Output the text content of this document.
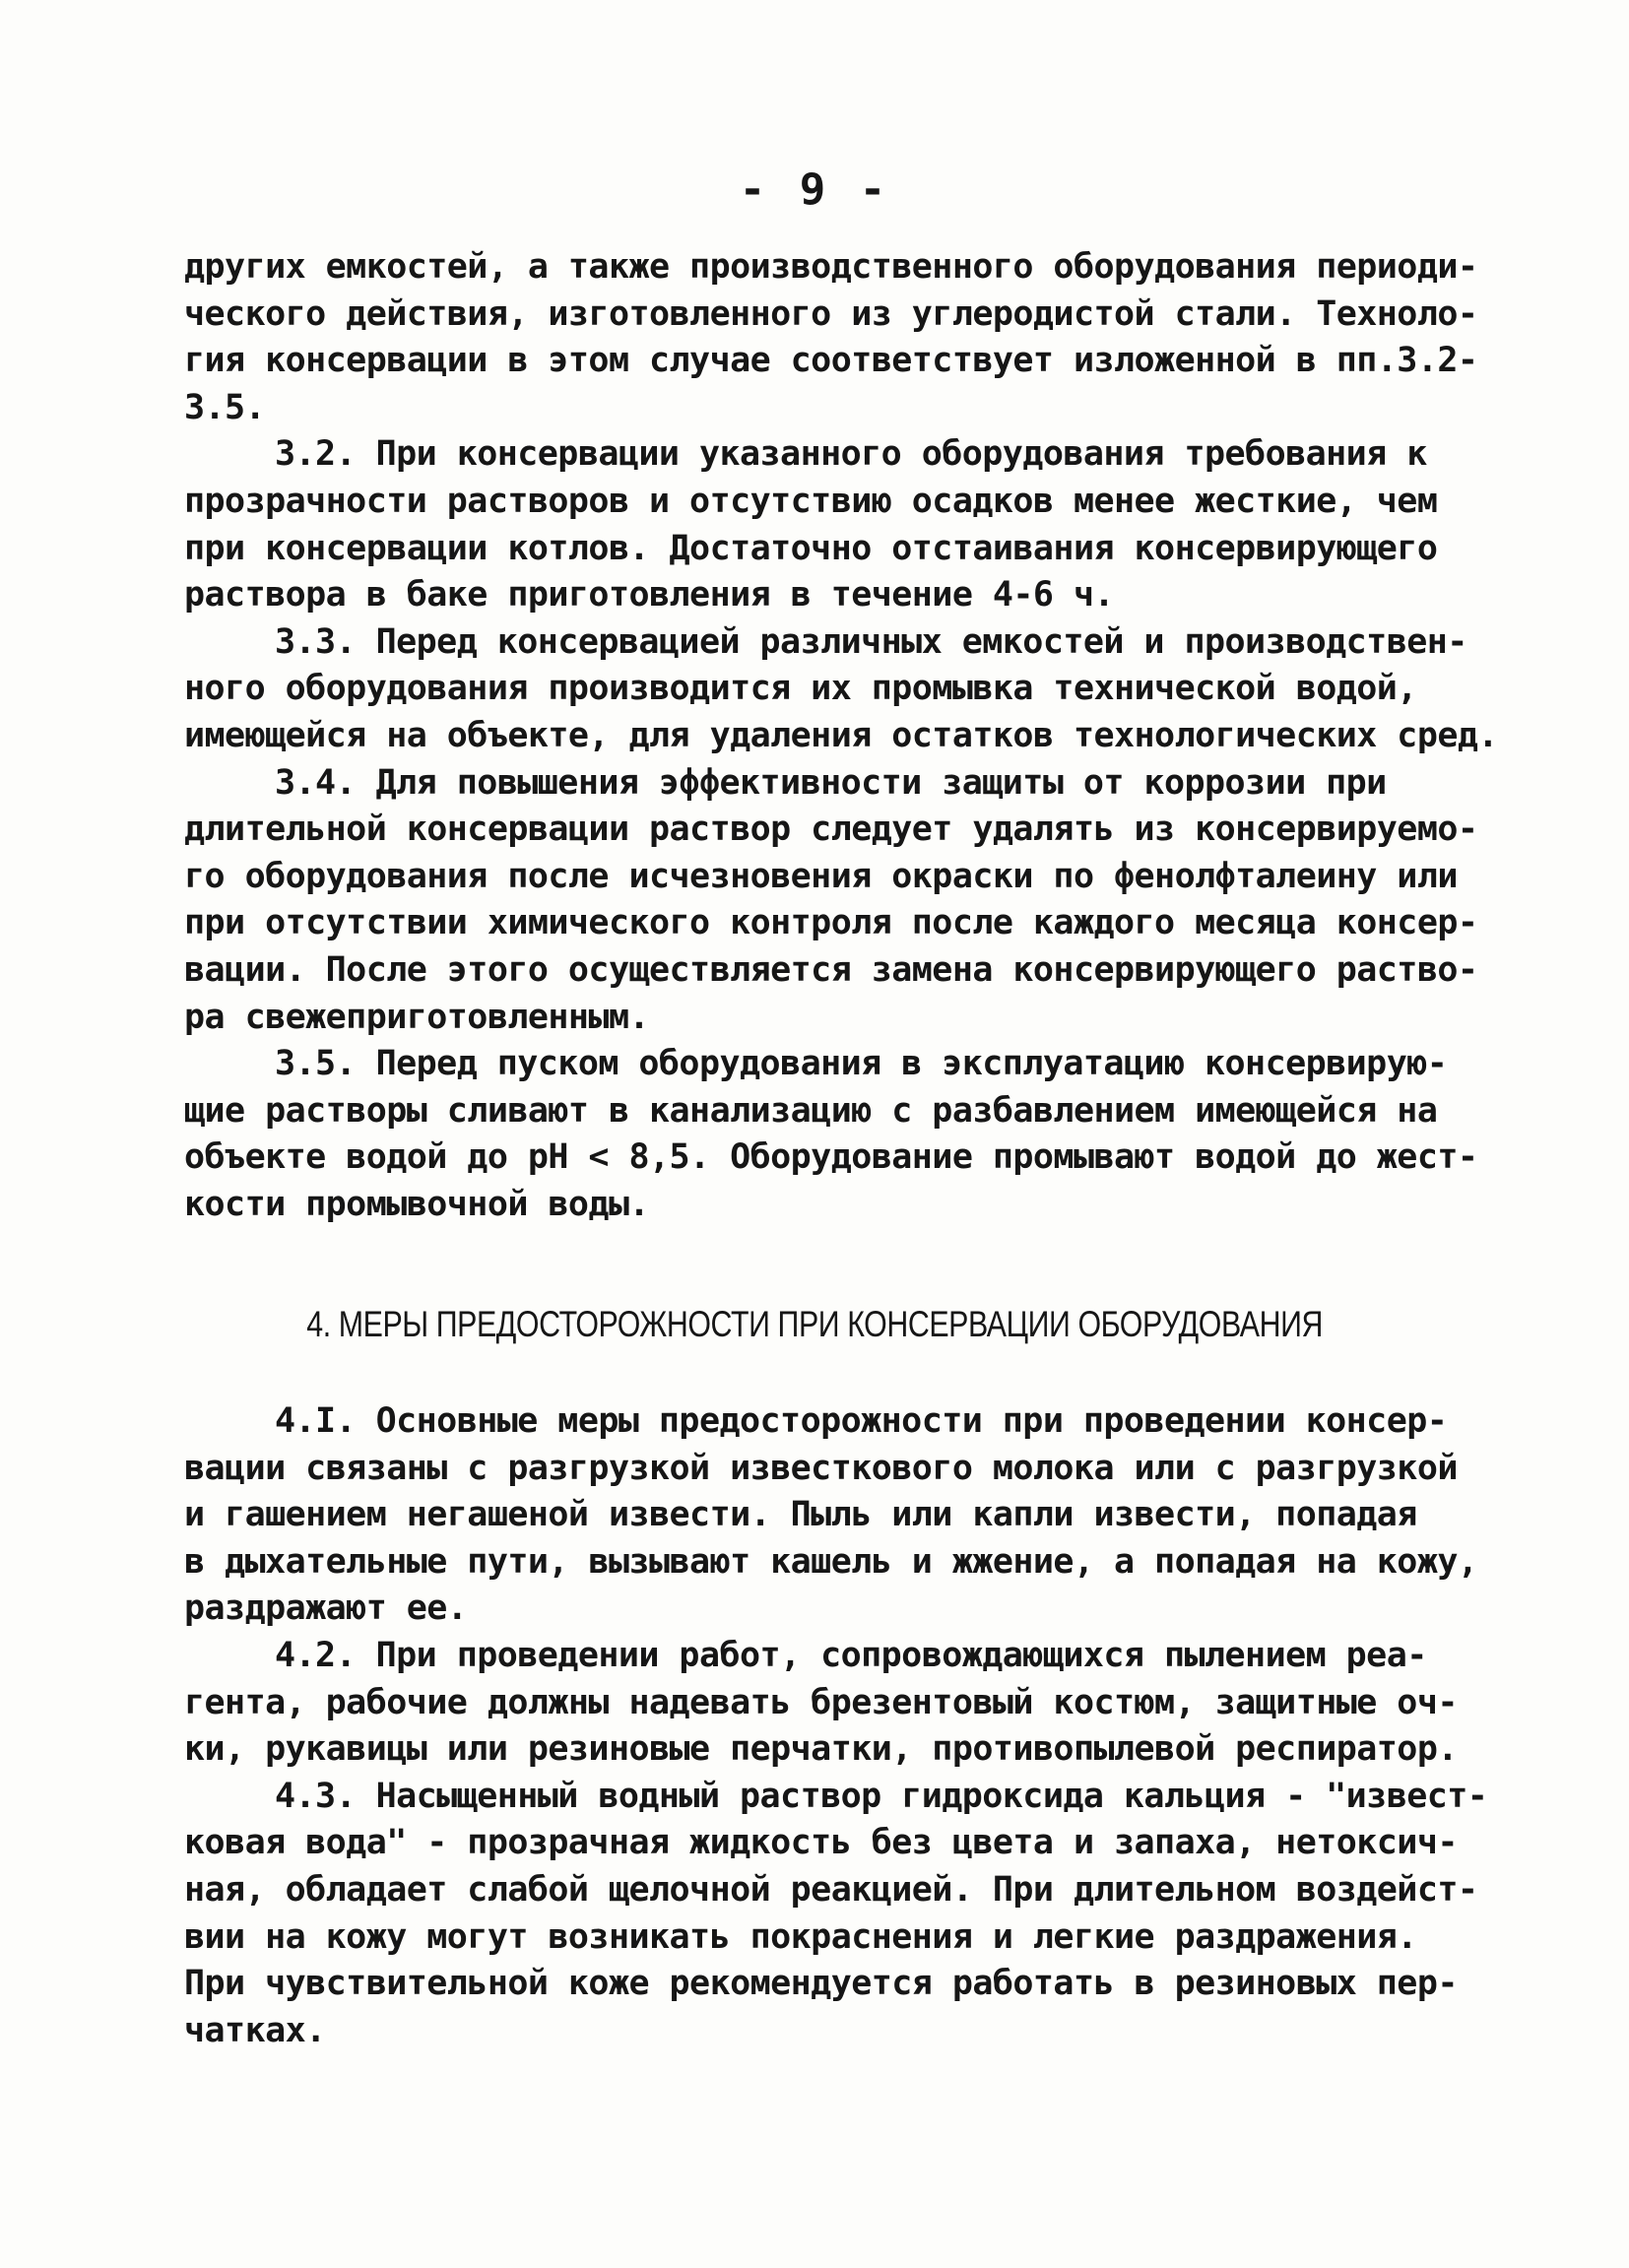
- 9 -
других емкостей, а также производственного оборудования периоди-
ческого действия, изготовленного из углеродистой стали. Техноло-
гия консервации в этом случае соответствует изложенной в пп.3.2-
3.5.
3.2. При консервации указанного оборудования требования к
прозрачности растворов и отсутствию осадков менее жесткие, чем
при консервации котлов. Достаточно отстаивания консервирующего
раствора в баке приготовления в течение 4-6 ч.
3.3. Перед консервацией различных емкостей и производствен-
ного оборудования производится их промывка технической водой,
имеющейся на объекте, для удаления остатков технологических сред.
3.4. Для повышения эффективности защиты от коррозии при
длительной консервации раствор следует удалять из консервируемо-
го оборудования после исчезновения окраски по фенолфталеину или
при отсутствии химического контроля после каждого месяца консер-
вации. После этого осуществляется замена консервирующего раство-
ра свежеприготовленным.
3.5. Перед пуском оборудования в эксплуатацию консервирую-
щие растворы сливают в канализацию с разбавлением имеющейся на
объекте водой до pH < 8,5. Оборудование промывают водой до жест-
кости промывочной воды.
4. МЕРЫ ПРЕДОСТОРОЖНОСТИ ПРИ КОНСЕРВАЦИИ ОБОРУДОВАНИЯ
4.I. Основные меры предосторожности при проведении консер-
вации связаны с разгрузкой известкового молока или с разгрузкой
и гашением негашеной извести. Пыль или капли извести, попадая
в дыхательные пути, вызывают кашель и жжение, а попадая на кожу,
раздражают ее.
4.2. При проведении работ, сопровождающихся пылением реа-
гента, рабочие должны надевать брезентовый костюм, защитные оч-
ки, рукавицы или резиновые перчатки, противопылевой респиратор.
4.3. Насыщенный водный раствор гидроксида кальция - "извест-
ковая вода" - прозрачная жидкость без цвета и запаха, нетоксич-
ная, обладает слабой щелочной реакцией. При длительном воздейст-
вии на кожу могут возникать покраснения и легкие раздражения.
При чувствительной коже рекомендуется работать в резиновых пер-
чатках.
